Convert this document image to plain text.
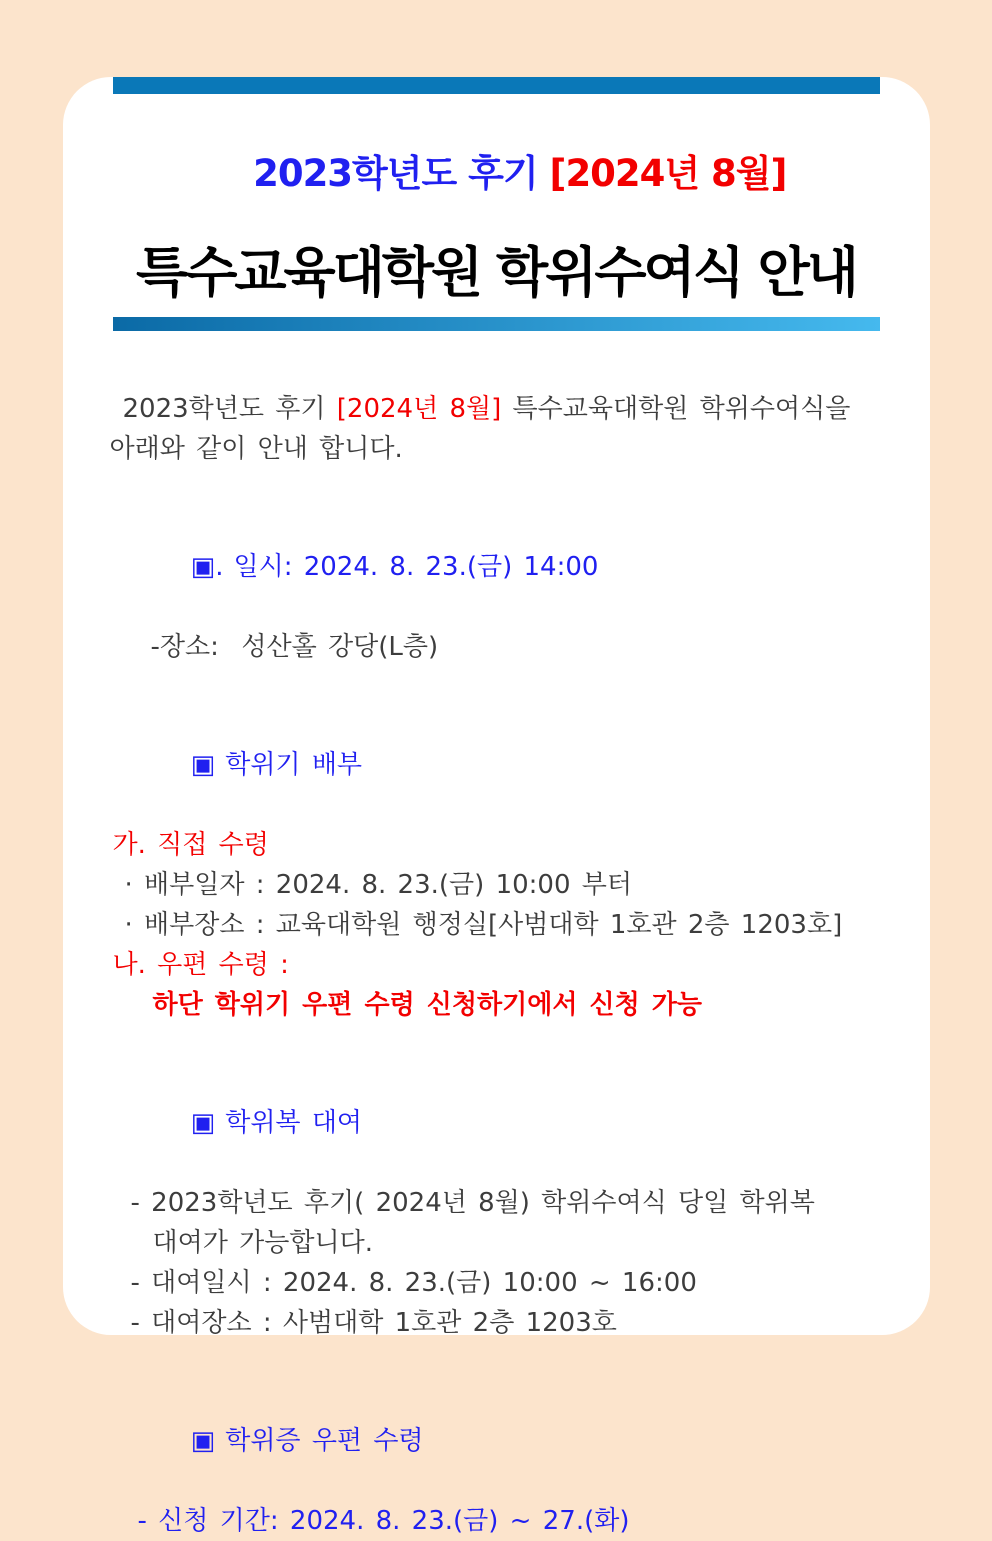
2023학년도 후기 [2024년 8월]

특수교육대학원 학위수여식 안내
2023학년도 후기 [2024년 8월] 특수교육대학원 학위수여식을
아래와 같이 안내 합니다.

▣. 일시: 2024. 8. 23.(금) 14:00

-장소:  성산홀 강당(L층)

▣ 학위기 배부

가. 직접 수령
· 배부일자 : 2024. 8. 23.(금) 10:00 부터
· 배부장소 : 교육대학원 행정실[사범대학 1호관 2층 1203호]
나. 우편 수령 :
하단 학위기 우편 수령 신청하기에서 신청 가능

▣ 학위복 대여

- 2023학년도 후기( 2024년 8월) 학위수여식 당일 학위복
대여가 가능합니다.
- 대여일시 : 2024. 8. 23.(금) 10:00 ~ 16:00
- 대여장소 : 사범대학 1호관 2층 1203호

▣ 학위증 우편 수령

- 신청 기간: 2024. 8. 23.(금) ~ 27.(화)
